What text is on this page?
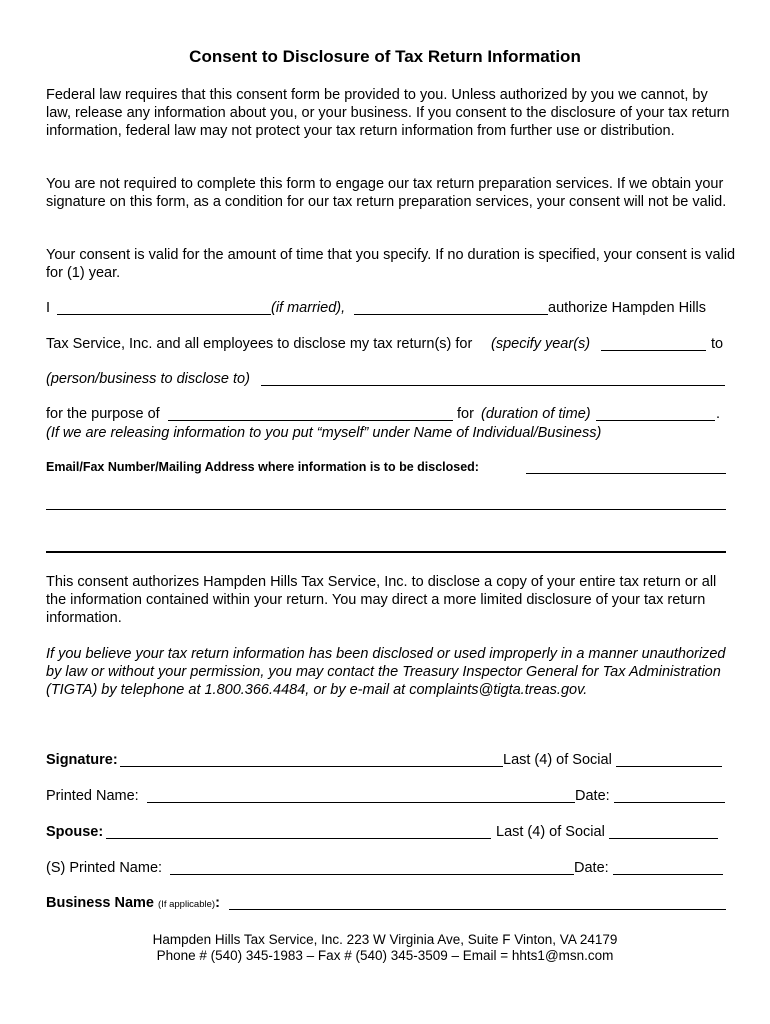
Consent to Disclosure of Tax Return Information
Federal law requires that this consent form be provided to you. Unless authorized by you we cannot, by law, release any information about you, or your business. If you consent to the disclosure of your tax return information, federal law may not protect your tax return information from further use or distribution.
You are not required to complete this form to engage our tax return preparation services. If we obtain your signature on this form, as a condition for our tax return preparation services, your consent will not be valid.
Your consent is valid for the amount of time that you specify. If no duration is specified, your consent is valid for (1) year.
I	(if married),	authorize Hampden Hills
Tax Service, Inc. and all employees to disclose my tax return(s) for (specify year(s)	to
(person/business to disclose to)
for the purpose of	for (duration of time)	.
(If we are releasing information to you put “myself” under Name of Individual/Business)
Email/Fax Number/Mailing Address where information is to be disclosed:
This consent authorizes Hampden Hills Tax Service, Inc. to disclose a copy of your entire tax return or all the information contained within your return. You may direct a more limited disclosure of your tax return information.
If you believe your tax return information has been disclosed or used improperly in a manner unauthorized by law or without your permission, you may contact the Treasury Inspector General for Tax Administration (TIGTA) by telephone at 1.800.366.4484, or by e-mail at complaints@tigta.treas.gov.
Signature:	Last (4) of Social
Printed Name:	Date:
Spouse:	Last (4) of Social
(S) Printed Name:	Date:
Business Name (If applicable):
Hampden Hills Tax Service, Inc. 223 W Virginia Ave, Suite F Vinton, VA 24179
Phone # (540) 345-1983 – Fax # (540) 345-3509 – Email = hhts1@msn.com
